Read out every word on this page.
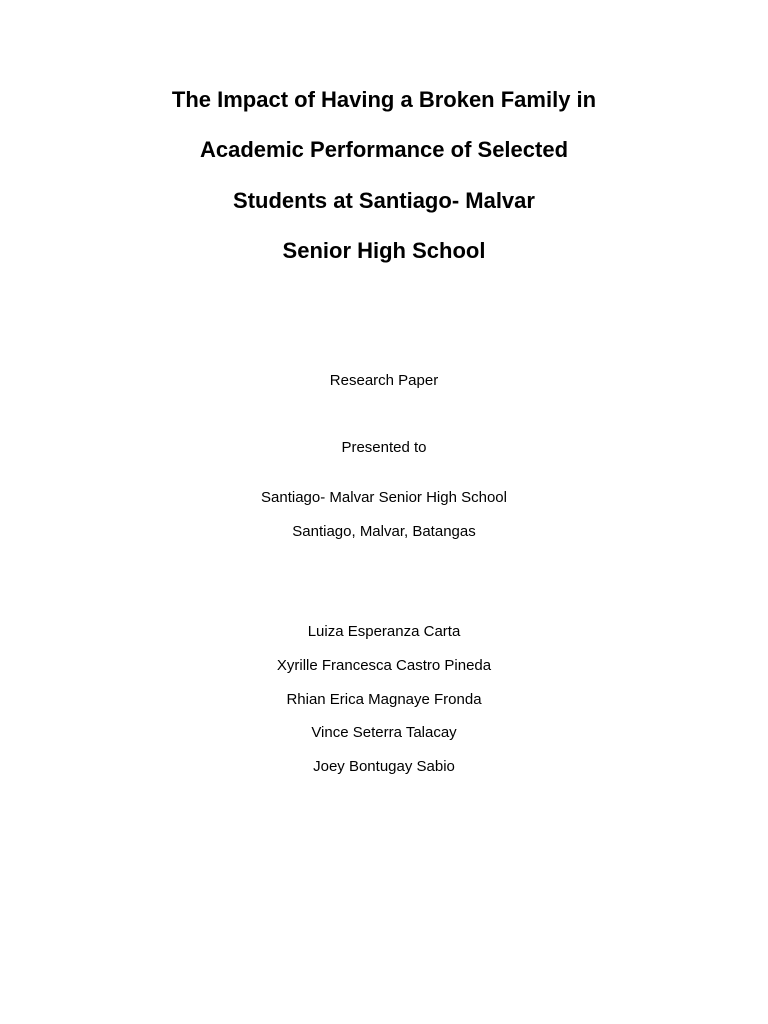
The Impact of Having a Broken Family in
Academic Performance of Selected
Students at Santiago- Malvar
Senior High School
Research Paper
Presented to
Santiago- Malvar Senior High School
Santiago, Malvar, Batangas
Luiza Esperanza Carta
Xyrille Francesca Castro Pineda
Rhian Erica Magnaye Fronda
Vince Seterra Talacay
Joey Bontugay Sabio
